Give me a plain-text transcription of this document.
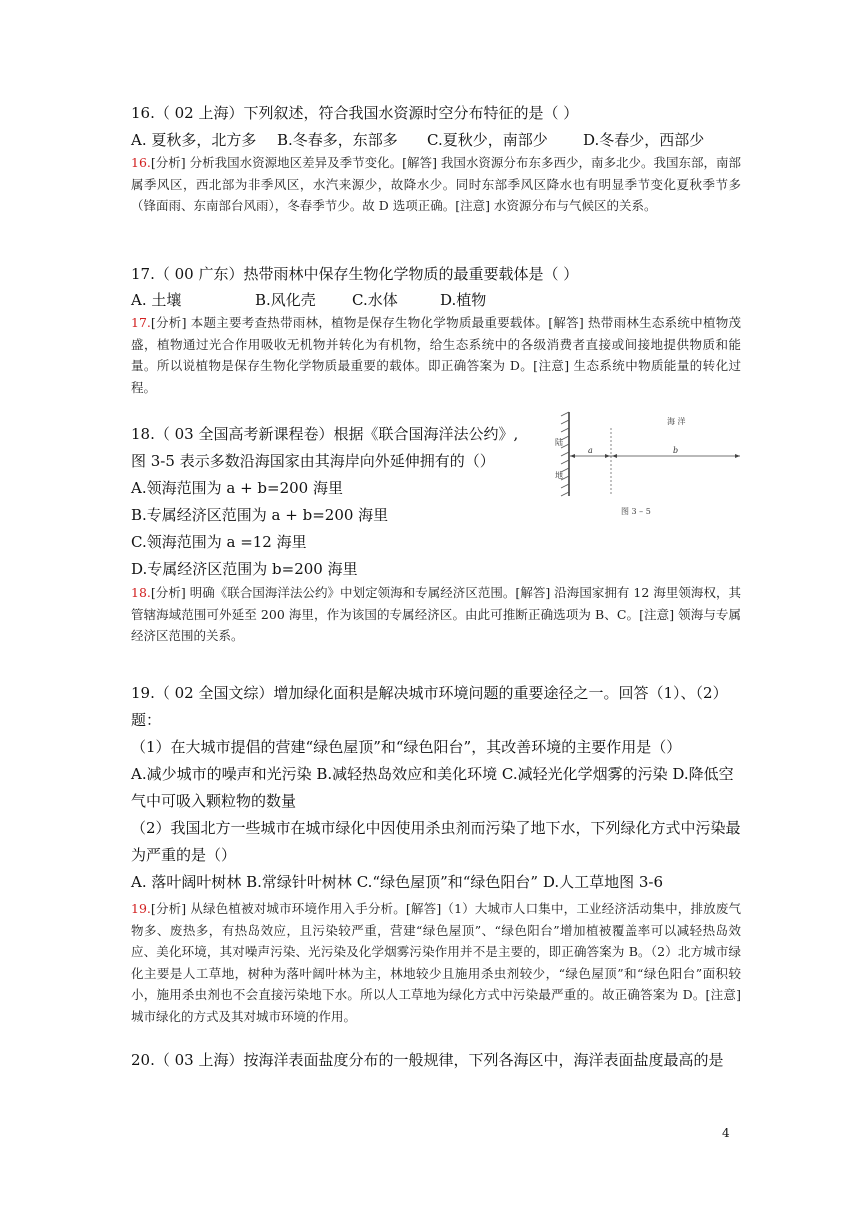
16.（ 02 上海）下列叙述，符合我国水资源时空分布特征的是（ ）
A. 夏秋多，北方多 B.冬春多，东部多 C.夏秋少，南部少 D.冬春少，西部少
16.[分析] 分析我国水资源地区差异及季节变化。[解答] 我国水资源分布东多西少，南多北少。我国东部，南部属季风区，西北部为非季风区，水汽来源少，故降水少。同时东部季风区降水也有明显季节变化夏秋季节多（锋面雨、东南部台风雨），冬春季节少。故 D 选项正确。[注意] 水资源分布与气候区的关系。
17.（ 00 广东）热带雨林中保存生物化学物质的最重要载体是（ ）
A. 土壤	B.风化壳 C.水体	D.植物
17.[分析] 本题主要考查热带雨林，植物是保存生物化学物质最重要载体。[解答] 热带雨林生态系统中植物茂盛，植物通过光合作用吸收无机物并转化为有机物，给生态系统中的各级消费者直接或间接地提供物质和能量。所以说植物是保存生物化学物质最重要的载体。即正确答案为 D。[注意] 生态系统中物质能量的转化过程。
18.（ 03 全国高考新课程卷）根据《联合国海洋法公约》,
图 3-5 表示多数沿海国家由其海岸向外延伸拥有的（）
A.领海范围为 a + b=200 海里
B.专属经济区范围为 a + b=200 海里
C.领海范围为 a =12 海里
D.专属经济区范围为 b=200 海里
陆
地
海 洋
a	b
图 3 – 5
18.[分析] 明确《联合国海洋法公约》中划定领海和专属经济区范围。[解答] 沿海国家拥有 12 海里领海权，其管辖海域范围可外延至 200 海里，作为该国的专属经济区。由此可推断正确选项为 B、C。[注意] 领海与专属经济区范围的关系。
19.（ 02 全国文综）增加绿化面积是解决城市环境问题的重要途径之一。回答（1）、（2）题：
（1）在大城市提倡的营建“绿色屋顶”和“绿色阳台”，其改善环境的主要作用是（）
A.减少城市的噪声和光污染 B.减轻热岛效应和美化环境 C.减轻光化学烟雾的污染 D.降低空气中可吸入颗粒物的数量
（2）我国北方一些城市在城市绿化中因使用杀虫剂而污染了地下水，下列绿化方式中污染最为严重的是（）
A. 落叶阔叶树林 B.常绿针叶树林 C.“绿色屋顶”和“绿色阳台” D.人工草地图 3-6
19.[分析] 从绿色植被对城市环境作用入手分析。[解答]（1）大城市人口集中，工业经济活动集中，排放废气物多、废热多，有热岛效应，且污染较严重，营建“绿色屋顶”、“绿色阳台”增加植被覆盖率可以减轻热岛效应、美化环境，其对噪声污染、光污染及化学烟雾污染作用并不是主要的，即正确答案为 B。（2）北方城市绿化主要是人工草地，树种为落叶阔叶林为主，林地较少且施用杀虫剂较少，“绿色屋顶”和“绿色阳台”面积较小，施用杀虫剂也不会直接污染地下水。所以人工草地为绿化方式中污染最严重的。故正确答案为 D。[注意] 城市绿化的方式及其对城市环境的作用。
20.（ 03 上海）按海洋表面盐度分布的一般规律，下列各海区中，海洋表面盐度最高的是
4
